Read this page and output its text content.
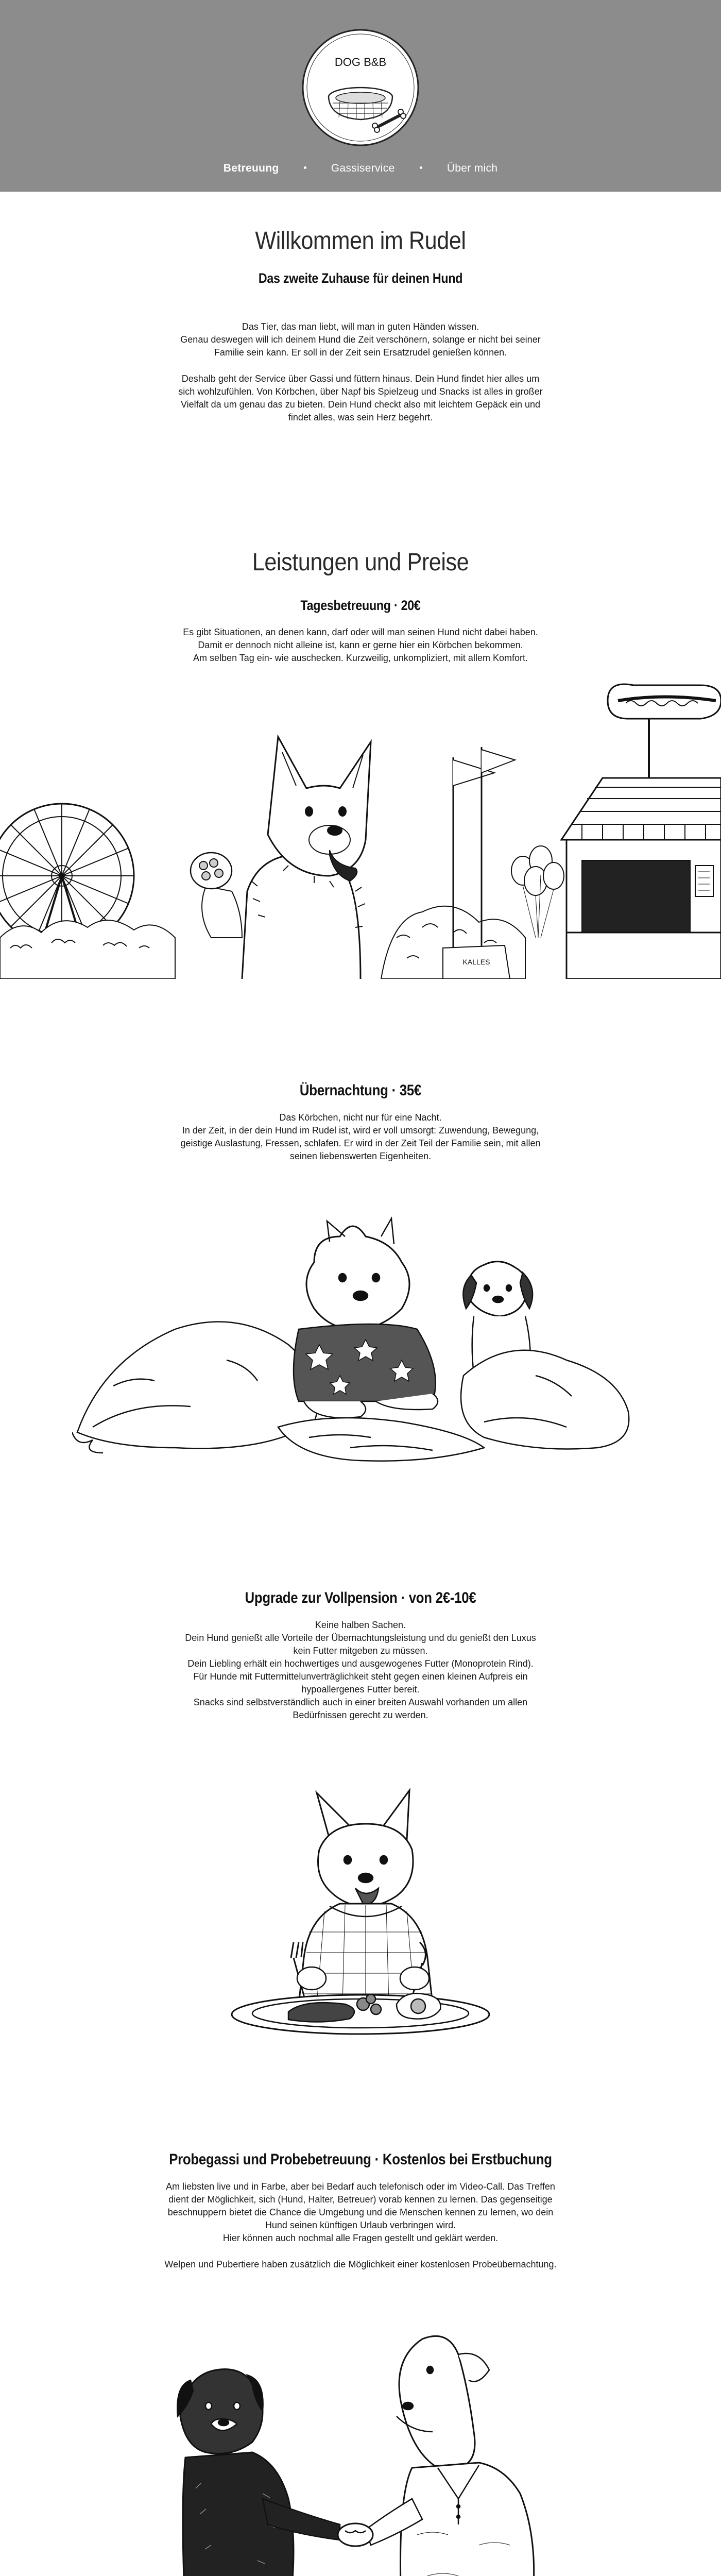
DOG B&B
Betreuung	Gassiservice	Über mich
Willkommen im Rudel
Das zweite Zuhause für deinen Hund

Das Tier, das man liebt, will man in guten Händen wissen.

Genau deswegen will ich deinem Hund die Zeit verschönern, solange er nicht bei seiner

Familie sein kann. Er soll in der Zeit sein Ersatzrudel genießen können.

Deshalb geht der Service über Gassi und füttern hinaus. Dein Hund findet hier alles um

sich wohlzufühlen. Von Körbchen, über Napf bis Spielzeug und Snacks ist alles in großer

Vielfalt da um genau das zu bieten. Dein Hund checkt also mit leichtem Gepäck ein und

findet alles, was sein Herz begehrt.

Leistungen und Preise
Tagesbetreuung · 20€

Es gibt Situationen, an denen kann, darf oder will man seinen Hund nicht dabei haben.

Damit er dennoch nicht alleine ist, kann er gerne hier ein Körbchen bekommen.

Am selben Tag ein- wie auschecken. Kurzweilig, unkompliziert, mit allem Komfort.

KALLES
Übernachtung · 35€

Das Körbchen, nicht nur für eine Nacht.

In der Zeit, in der dein Hund im Rudel ist, wird er voll umsorgt: Zuwendung, Bewegung,

geistige Auslastung, Fressen, schlafen. Er wird in der Zeit Teil der Familie sein, mit allen

seinen liebenswerten Eigenheiten.

Upgrade zur Vollpension · von 2€-10€

Keine halben Sachen.

Dein Hund genießt alle Vorteile der Übernachtungsleistung und du genießt den Luxus

kein Futter mitgeben zu müssen.

Dein Liebling erhält ein hochwertiges und ausgewogenes Futter (Monoprotein Rind).

Für Hunde mit Futtermittelunverträglichkeit steht gegen einen kleinen Aufpreis ein

hypoallergenes Futter bereit.

Snacks sind selbstverständlich auch in einer breiten Auswahl vorhanden um allen

Bedürfnissen gerecht zu werden.

Probegassi und Probebetreuung · Kostenlos bei Erstbuchung

Am liebsten live und in Farbe, aber bei Bedarf auch telefonisch oder im Video-Call. Das Treffen

dient der Möglichkeit, sich (Hund, Halter, Betreuer) vorab kennen zu lernen. Das gegenseitige

beschnuppern bietet die Chance die Umgebung und die Menschen kennen zu lernen, wo dein

Hund seinen künftigen Urlaub verbringen wird.

Hier können auch nochmal alle Fragen gestellt und geklärt werden.

Welpen und Pubertiere haben zusätzlich die Möglichkeit einer kostenlosen Probeübernachtung.
